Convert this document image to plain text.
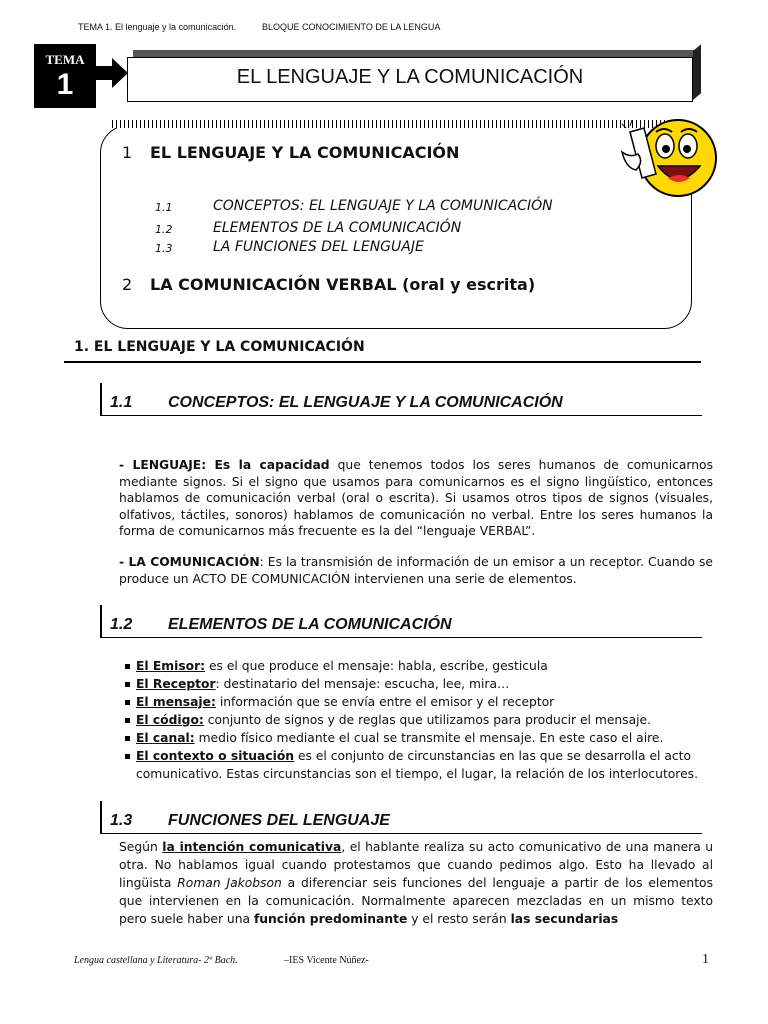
TEMA 1. El lenguaje y la comunicación.	BLOQUE CONOCIMIENTO DE LA LENGUA
TEMA
1	EL LENGUAJE Y LA COMUNICACIÓN
1 EL LENGUAJE Y LA COMUNICACIÓN
1.1	CONCEPTOS: EL LENGUAJE Y LA COMUNICACIÓN
1.2	ELEMENTOS DE LA COMUNICACIÓN
1.3	LA FUNCIONES DEL LENGUAJE
2 LA COMUNICACIÓN VERBAL (oral y escrita)
1. EL LENGUAJE Y LA COMUNICACIÓN
1.1 CONCEPTOS: EL LENGUAJE Y LA COMUNICACIÓN
- LENGUAJE: Es la capacidad que tenemos todos los seres humanos de comunicarnos mediante signos. Si el signo que usamos para comunicarnos es el signo lingüístico, entonces hablamos de comunicación verbal (oral o escrita). Si usamos otros tipos de signos (visuales, olfativos, táctiles, sonoros) hablamos de comunicación no verbal. Entre los seres humanos la forma de comunicarnos más frecuente es la del “lenguaje VERBAL”.
- LA COMUNICACIÓN: Es la transmisión de información de un emisor a un receptor. Cuando se produce un ACTO DE COMUNICACIÓN intervienen una serie de elementos.
1.2 ELEMENTOS DE LA COMUNICACIÓN
El Emisor: es el que produce el mensaje: habla, escribe, gesticula
El Receptor: destinatario del mensaje: escucha, lee, mira…
El mensaje: información que se envía entre el emisor y el receptor
El código: conjunto de signos y de reglas que utilizamos para producir el mensaje.
El canal: medio físico mediante el cual se transmite el mensaje. En este caso el aire.
El contexto o situación es el conjunto de circunstancias en las que se desarrolla el acto comunicativo. Estas circunstancias son el tiempo, el lugar, la relación de los interlocutores.
1.3 FUNCIONES DEL LENGUAJE
Según la intención comunicativa, el hablante realiza su acto comunicativo de una manera u otra. No hablamos igual cuando protestamos que cuando pedimos algo. Esto ha llevado al lingüista Roman Jakobson a diferenciar seis funciones del lenguaje a partir de los elementos que intervienen en la comunicación. Normalmente aparecen mezcladas en un mismo texto pero suele haber una función predominante y el resto serán las secundarias
Lengua castellana y Literatura- 2º Bach.	–IES Vicente Núñez-	1
